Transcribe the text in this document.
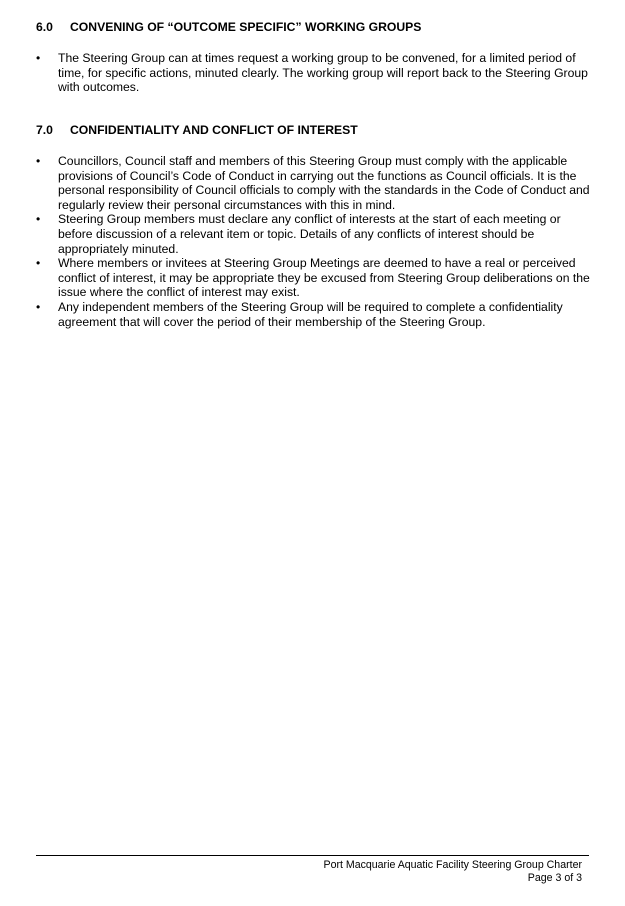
6.0 CONVENING OF “OUTCOME SPECIFIC” WORKING GROUPS
• The Steering Group can at times request a working group to be convened, for a limited period of time, for specific actions, minuted clearly. The working group will report back to the Steering Group with outcomes.
7.0 CONFIDENTIALITY AND CONFLICT OF INTEREST
• Councillors, Council staff and members of this Steering Group must comply with the applicable provisions of Council’s Code of Conduct in carrying out the functions as Council officials. It is the personal responsibility of Council officials to comply with the standards in the Code of Conduct and regularly review their personal circumstances with this in mind.
• Steering Group members must declare any conflict of interests at the start of each meeting or before discussion of a relevant item or topic. Details of any conflicts of interest should be appropriately minuted.
• Where members or invitees at Steering Group Meetings are deemed to have a real or perceived conflict of interest, it may be appropriate they be excused from Steering Group deliberations on the issue where the conflict of interest may exist.
• Any independent members of the Steering Group will be required to complete a confidentiality agreement that will cover the period of their membership of the Steering Group.
Port Macquarie Aquatic Facility Steering Group Charter
Page 3 of 3
